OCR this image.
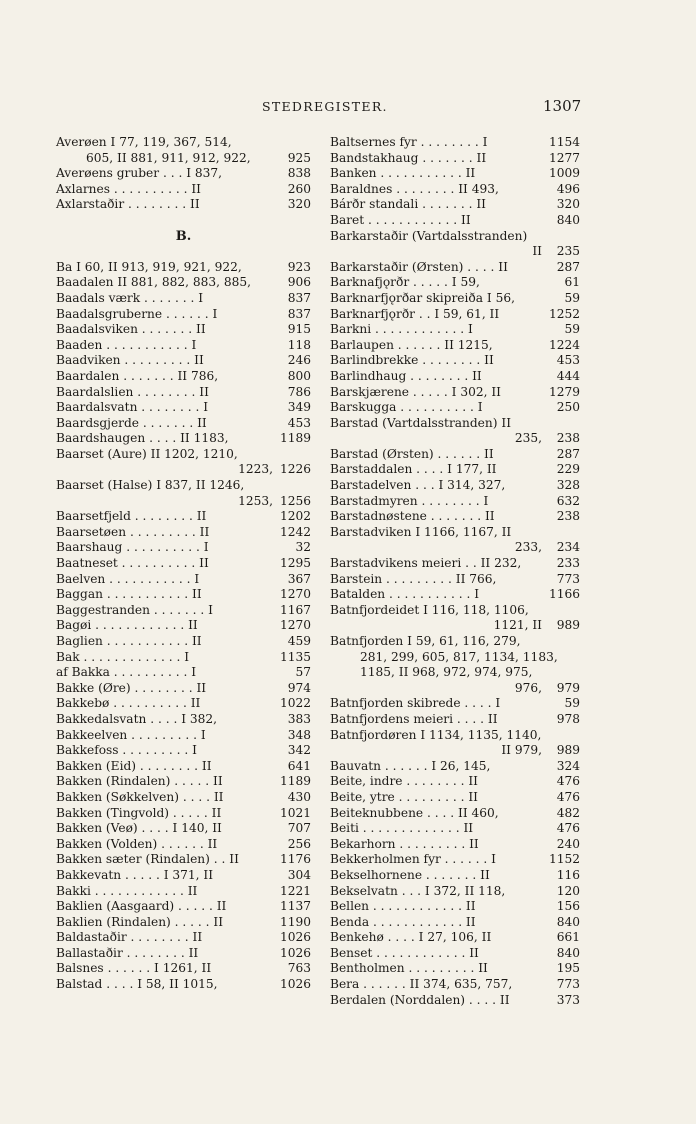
STEDREGISTER.	1307
Averøen I 77, 119, 367, 514,
605, II 881, 911, 912, 922,	925
Averøens gruber . . . I 837,	838
Axlarnes . . . . . . . . . . II	260
Axlarstaðir . . . . . . . . II	320
B.
Ba I 60, II 913, 919, 921, 922,	923
Baadalen II 881, 882, 883, 885,	906
Baadals værk . . . . . . . I	837
Baadalsgruberne . . . . . . I	837
Baadalsviken . . . . . . . II	915
Baaden . . . . . . . . . . . I	118
Baadviken . . . . . . . . . II	246
Baardalen . . . . . . . II 786,	800
Baardalslien . . . . . . . . II	786
Baardalsvatn . . . . . . . . I	349
Baardsgjerde . . . . . . . II	453
Baardshaugen . . . . II 1183,	1189
Baarset (Aure) II 1202, 1210,
1223, 1226
Baarset (Halse) I 837, II 1246,
1253, 1256
Baarsetfjeld . . . . . . . . II	1202
Baarsetøen . . . . . . . . . II	1242
Baarshaug . . . . . . . . . . I	32
Baatneset . . . . . . . . . . II	1295
Baelven . . . . . . . . . . . I	367
Baggan . . . . . . . . . . . II	1270
Baggestranden . . . . . . . I	1167
Bagøi . . . . . . . . . . . . II	1270
Baglien . . . . . . . . . . . II	459
Bak . . . . . . . . . . . . . I	1135
af Bakka . . . . . . . . . . I	57
Bakke (Øre) . . . . . . . . II	974
Bakkebø . . . . . . . . . . II	1022
Bakkedalsvatn . . . . I 382,	383
Bakkeelven . . . . . . . . . I	348
Bakkefoss . . . . . . . . . I	342
Bakken (Eid) . . . . . . . . II	641
Bakken (Rindalen) . . . . . II	1189
Bakken (Søkkelven) . . . . II	430
Bakken (Tingvold) . . . . . II	1021
Bakken (Veø) . . . . I 140, II	707
Bakken (Volden) . . . . . . II	256
Bakken sæter (Rindalen) . . II	1176
Bakkevatn . . . . . I 371, II	304
Bakki . . . . . . . . . . . . II	1221
Baklien (Aasgaard) . . . . . II	1137
Baklien (Rindalen) . . . . . II	1190
Baldastaðir . . . . . . . . II	1026
Ballastaðir . . . . . . . . II	1026
Balsnes . . . . . . I 1261, II	763
Balstad . . . . I 58, II 1015,	1026
Baltsernes fyr . . . . . . . . I	1154
Bandstakhaug . . . . . . . II	1277
Banken . . . . . . . . . . . II	1009
Baraldnes . . . . . . . . II 493,	496
Bárðr standali . . . . . . . II	320
Baret . . . . . . . . . . . . II	840
Barkarstaðir (Vartdalsstranden)
II 235
Barkarstaðir (Ørsten) . . . . II	287
Barknafjǫrðr . . . . . I 59,	61
Barknarfjǫrðar skipreiða I 56,	59
Barknarfjǫrðr . . I 59, 61, II	1252
Barkni . . . . . . . . . . . . I	59
Barlaupen . . . . . . II 1215,	1224
Barlindbrekke . . . . . . . . II	453
Barlindhaug . . . . . . . . II	444
Barskjærene . . . . . I 302, II	1279
Barskugga . . . . . . . . . . I	250
Barstad (Vartdalsstranden) II
235, 238
Barstad (Ørsten) . . . . . . II	287
Barstaddalen . . . . I 177, II	229
Barstadelven . . . I 314, 327,	328
Barstadmyren . . . . . . . . I	632
Barstadnøstene . . . . . . . II	238
Barstadviken I 1166, 1167, II
233, 234
Barstadvikens meieri . . II 232,	233
Barstein . . . . . . . . . II 766,	773
Batalden . . . . . . . . . . . I	1166
Batnfjordeidet I 116, 118, 1106,
1121, II 989
Batnfjorden I 59, 61, 116, 279,
281, 299, 605, 817, 1134, 1183,
1185, II 968, 972, 974, 975,
976, 979
Batnfjorden skibrede . . . . I	59
Batnfjordens meieri . . . . II	978
Batnfjordøren I 1134, 1135, 1140,
II 979, 989
Bauvatn . . . . . . I 26, 145,	324
Beite, indre . . . . . . . . II	476
Beite, ytre . . . . . . . . . II	476
Beiteknubbene . . . . II 460,	482
Beiti . . . . . . . . . . . . . II	476
Bekarhorn . . . . . . . . . II	240
Bekkerholmen fyr . . . . . . I	1152
Bekselhornene . . . . . . . II	116
Bekselvatn . . . I 372, II 118,	120
Bellen . . . . . . . . . . . . II	156
Benda . . . . . . . . . . . . II	840
Benkehø . . . . I 27, 106, II	661
Benset . . . . . . . . . . . . II	840
Bentholmen . . . . . . . . . II	195
Bera . . . . . . II 374, 635, 757,	773
Berdalen (Norddalen) . . . . II	373
